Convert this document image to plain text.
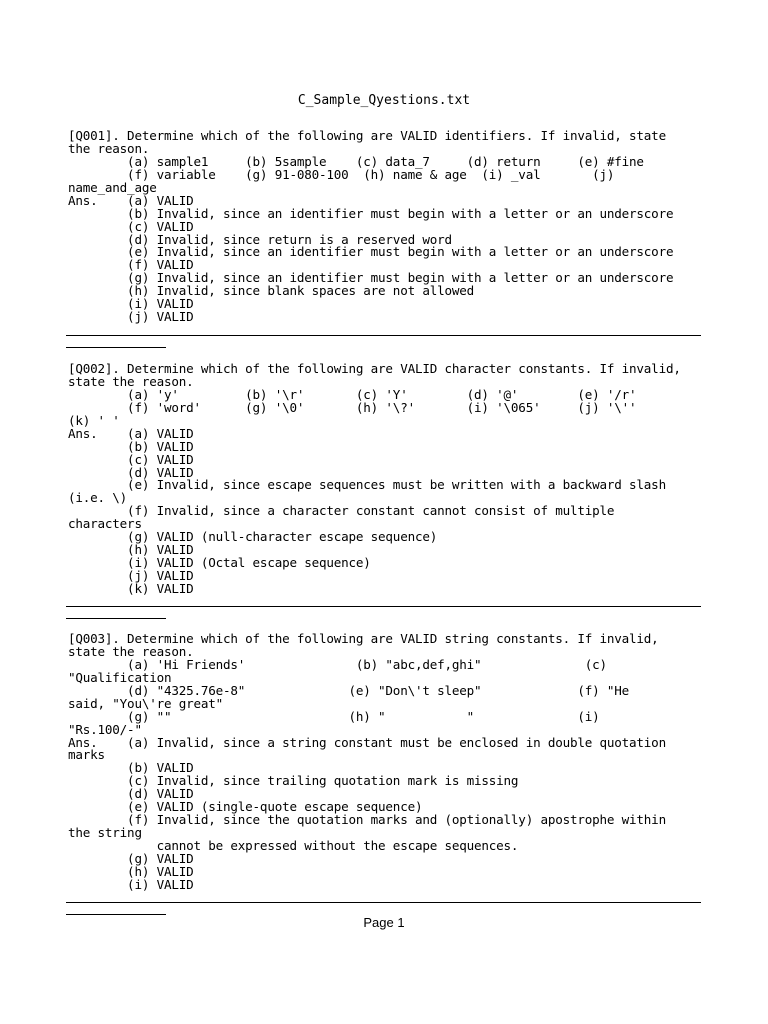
C_Sample_Qyestions.txt
[Q001]. Determine which of the following are VALID identifiers. If invalid, state
the reason.
(a) sample1     (b) 5sample    (c) data_7     (d) return     (e) #fine
(f) variable    (g) 91-080-100  (h) name & age  (i) _val       (j)
name_and_age
Ans.    (a) VALID
(b) Invalid, since an identifier must begin with a letter or an underscore
(c) VALID
(d) Invalid, since return is a reserved word
(e) Invalid, since an identifier must begin with a letter or an underscore
(f) VALID
(g) Invalid, since an identifier must begin with a letter or an underscore
(h) Invalid, since blank spaces are not allowed
(i) VALID
(j) VALID
[Q002]. Determine which of the following are VALID character constants. If invalid,
state the reason.
(a) 'y'         (b) '\r'       (c) 'Y'        (d) '@'        (e) '/r'
(f) 'word'      (g) '\0'       (h) '\?'       (i) '\065'     (j) '\''
(k) ' '
Ans.    (a) VALID
(b) VALID
(c) VALID
(d) VALID
(e) Invalid, since escape sequences must be written with a backward slash
(i.e. \)
(f) Invalid, since a character constant cannot consist of multiple
characters
(g) VALID (null-character escape sequence)
(h) VALID
(i) VALID (Octal escape sequence)
(j) VALID
(k) VALID
[Q003]. Determine which of the following are VALID string constants. If invalid,
state the reason.
(a) 'Hi Friends'               (b) "abc,def,ghi"              (c)
"Qualification
(d) "4325.76e-8"              (e) "Don\'t sleep"             (f) "He
said, "You\'re great"
(g) ""                        (h) "           "              (i)
"Rs.100/-"
Ans.    (a) Invalid, since a string constant must be enclosed in double quotation
marks
(b) VALID
(c) Invalid, since trailing quotation mark is missing
(d) VALID
(e) VALID (single-quote escape sequence)
(f) Invalid, since the quotation marks and (optionally) apostrophe within
the string
cannot be expressed without the escape sequences.
(g) VALID
(h) VALID
(i) VALID
Page 1
